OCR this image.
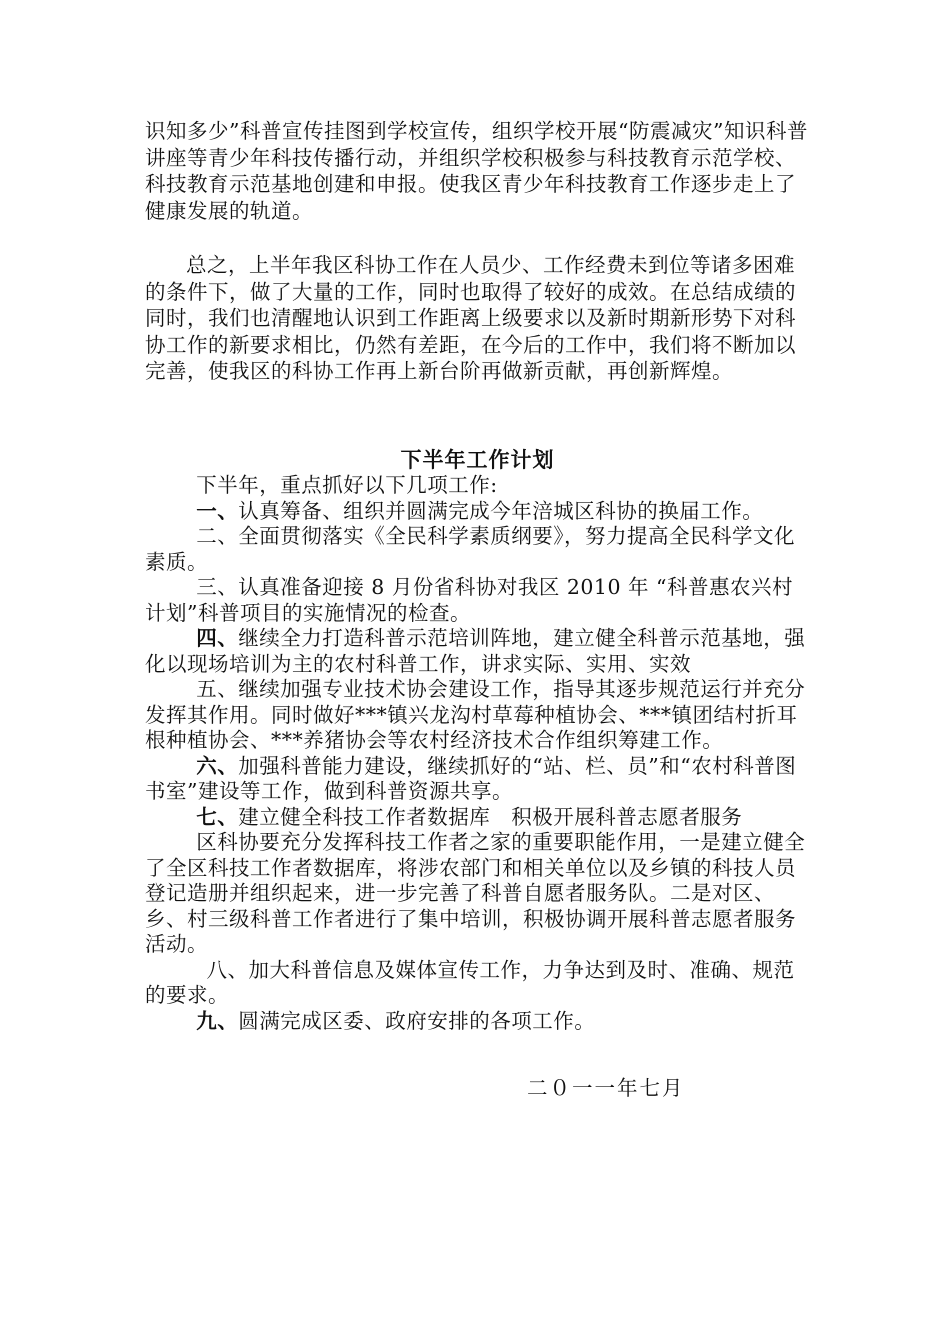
识知多少”科普宣传挂图到学校宣传，组织学校开展“防震减灾”知识科普讲座等青少年科技传播行动，并组织学校积极参与科技教育示范学校、科技教育示范基地创建和申报。使我区青少年科技教育工作逐步走上了健康发展的轨道。

总之，上半年我区科协工作在人员少、工作经费未到位等诸多困难的条件下，做了大量的工作，同时也取得了较好的成效。在总结成绩的同时，我们也清醒地认识到工作距离上级要求以及新时期新形势下对科协工作的新要求相比，仍然有差距，在今后的工作中，我们将不断加以完善，使我区的科协工作再上新台阶再做新贡献，再创新辉煌。

下半年工作计划

下半年，重点抓好以下几项工作:

一、认真筹备、组织并圆满完成今年涪城区科协的换届工作。

二、全面贯彻落实《全民科学素质纲要》，努力提高全民科学文化素质。

三、认真准备迎接 8 月份省科协对我区 2010 年 “科普惠农兴村计划”科普项目的实施情况的检查。

四、继续全力打造科普示范培训阵地，建立健全科普示范基地，强化以现场培训为主的农村科普工作，讲求实际、实用、实效

五、继续加强专业技术协会建设工作，指导其逐步规范运行并充分发挥其作用。同时做好***镇兴龙沟村草莓种植协会、***镇团结村折耳根种植协会、***养猪协会等农村经济技术合作组织筹建工作。

六、加强科普能力建设，继续抓好的“站、栏、员”和“农村科普图书室”建设等工作，做到科普资源共享。

七、建立健全科技工作者数据库　积极开展科普志愿者服务

区科协要充分发挥科技工作者之家的重要职能作用，一是建立健全了全区科技工作者数据库，将涉农部门和相关单位以及乡镇的科技人员登记造册并组织起来，进一步完善了科普自愿者服务队。二是对区、乡、村三级科普工作者进行了集中培训，积极协调开展科普志愿者服务活动。

八、加大科普信息及媒体宣传工作，力争达到及时、准确、规范的要求。

九、圆满完成区委、政府安排的各项工作。

二０一一年七月
